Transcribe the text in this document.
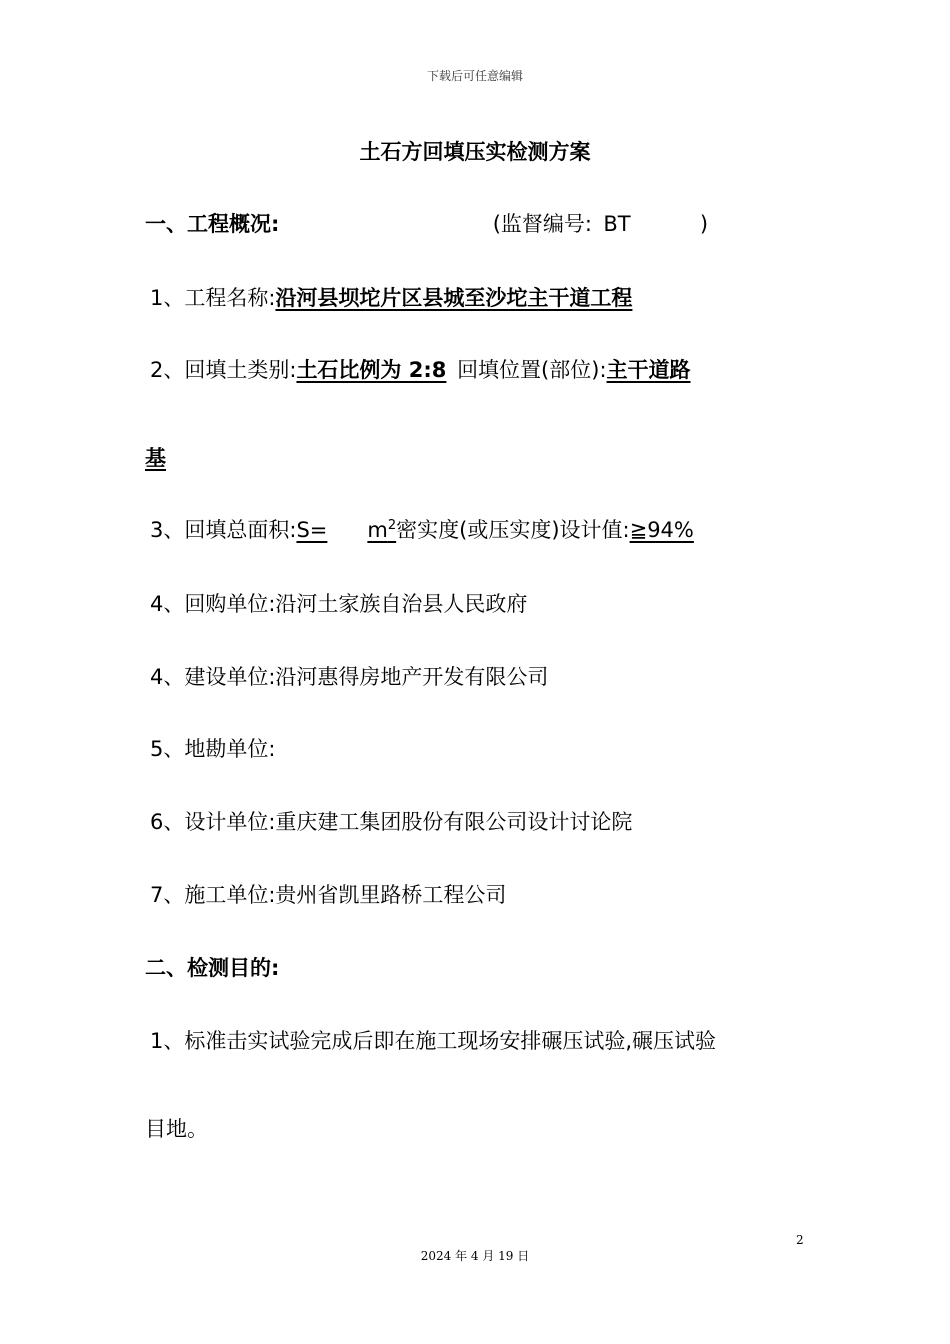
下载后可任意编辑
土石方回填压实检测方案
一、工程概况:	(监督编号: BT	)
1、工程名称:沿河县坝坨片区县城至沙坨主干道工程
2、回填土类别:土石比例为 2:8 回填位置(部位):主干道路
基
3、回填总面积:S= $m^2$密实度(或压实度)设计值:≧94%
4、回购单位:沿河土家族自治县人民政府
4、建设单位:沿河惠得房地产开发有限公司
5、地勘单位:
6、设计单位:重庆建工集团股份有限公司设计讨论院
7、施工单位:贵州省凯里路桥工程公司
二、检测目的:
1、标准击实试验完成后即在施工现场安排碾压试验,碾压试验
目地。
2
2024 年 4 月 19 日
